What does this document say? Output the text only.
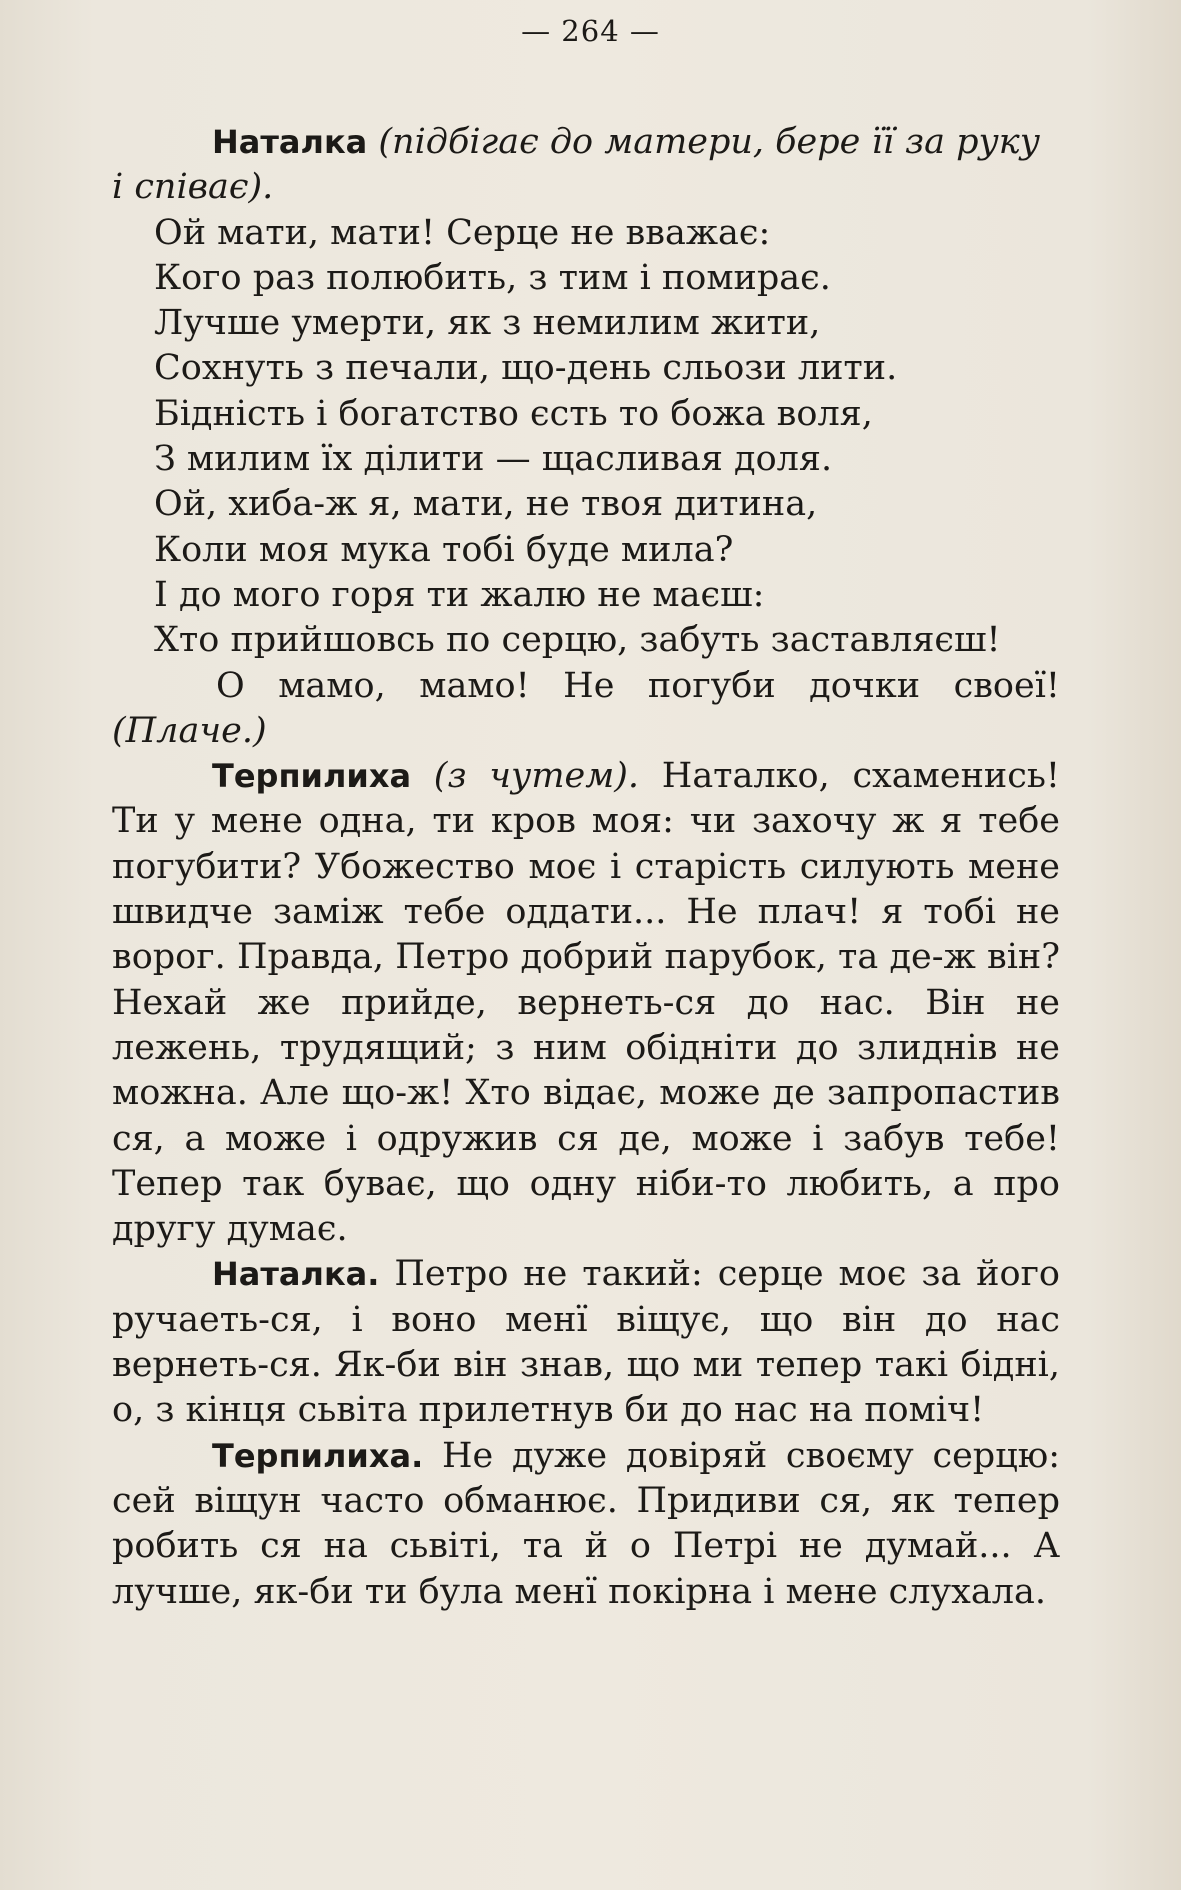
— 264 —

Наталка (підбігає до матери, бере її за руку

і співає).

Ой мати, мати! Серце не вважає:
Кого раз полюбить, з тим і помирає.
Лучше умерти, як з немилим жити,
Сохнуть з печали, що-день сльози лити.
Бідність і богатство єсть то божа воля,
З милим їх ділити — щасливая доля.
Ой, хиба-ж я, мати, не твоя дитина,
Коли моя мука тобі буде мила?
І до мого горя ти жалю не маєш:
Хто прийшовсь по серцю, забуть заставляєш!
О мамо, мамо! Не погуби дочки своеї!

(Плаче.)

Терпилиха (з чутем). Наталко, схаменись! Ти у мене одна, ти кров моя: чи захочу ж я тебе погубити? Убожество моє і старість силують мене швидче заміж тебе оддати... Не плач! я тобі не ворог. Правда, Петро добрий парубок, та де-ж він? Нехай же прийде, вернеть-ся до нас. Він не лежень, трудящий; з ним обідніти до злиднів не можна. Але що-ж! Хто відає, може де запропастив ся, а може і одружив ся де, може і забув тебе! Тепер так буває, що одну ніби-то любить, а про другу думає.

Наталка. Петро не такий: серце моє за його ручаеть-ся, і воно менї віщує, що він до нас вернеть-ся. Як-би він знав, що ми тепер такі бідні, о, з кінця сьвіта прилетнув би до нас на поміч!

Терпилиха. Не дуже довіряй своєму серцю: сей віщун часто обманює. Придиви ся, як тепер робить ся на сьвіті, та й о Петрі не думай... А лучше, як-би ти була менї покірна і мене слухала.
